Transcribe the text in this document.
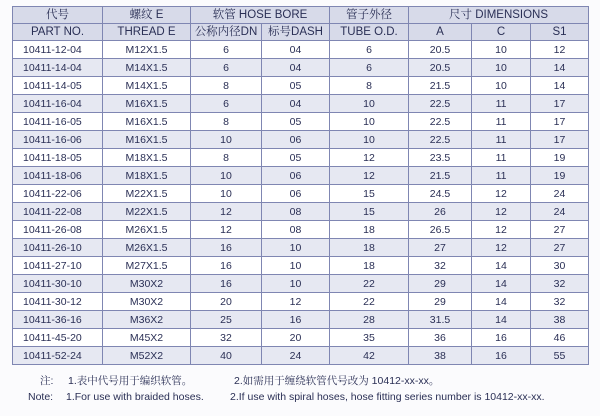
代号	螺纹 E	软管 HOSE BORE		管子外径	尺寸 DIMENSIONS		
PART NO.	THREAD E	公称内径DN	标号DASH	TUBE O.D.	A	C	S1
10411-12-04	M12X1.5	6	04	6	20.5	10	12
10411-14-04	M14X1.5	6	04	6	20.5	10	14
10411-14-05	M14X1.5	8	05	8	21.5	10	14
10411-16-04	M16X1.5	6	04	10	22.5	11	17
10411-16-05	M16X1.5	8	05	10	22.5	11	17
10411-16-06	M16X1.5	10	06	10	22.5	11	17
10411-18-05	M18X1.5	8	05	12	23.5	11	19
10411-18-06	M18X1.5	10	06	12	21.5	11	19
10411-22-06	M22X1.5	10	06	15	24.5	12	24
10411-22-08	M22X1.5	12	08	15	26	12	24
10411-26-08	M26X1.5	12	08	18	26.5	12	27
10411-26-10	M26X1.5	16	10	18	27	12	27
10411-27-10	M27X1.5	16	10	18	32	14	30
10411-30-10	M30X2	16	10	22	29	14	32
10411-30-12	M30X2	20	12	22	29	14	32
10411-36-16	M36X2	25	16	28	31.5	14	38
10411-45-20	M45X2	32	20	35	36	16	46
10411-52-24	M52X2	40	24	42	38	16	55
注: 1.表中代号用于编织软管。	2.如需用于缠绕软管代号改为 10412-xx-xx。
Note: 1.For use with braided hoses.	2.If use with spiral hoses, hose fitting series number is 10412-xx-xx.
